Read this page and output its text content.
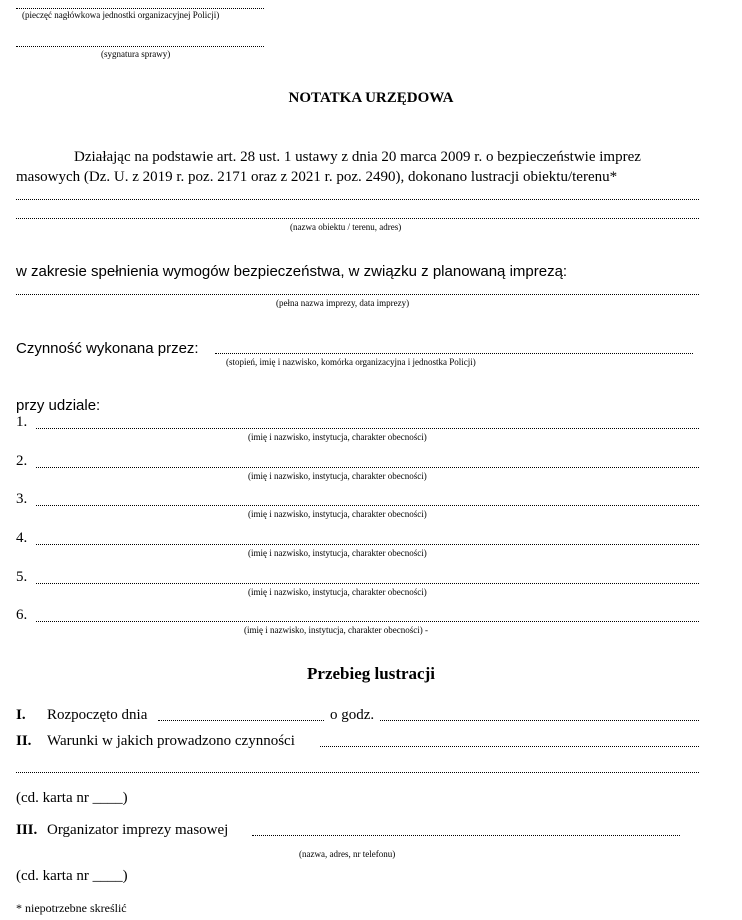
(pieczęć nagłówkowa jednostki organizacyjnej Policji)
(sygnatura sprawy)
NOTATKA URZĘDOWA
Działając na podstawie art. 28 ust. 1 ustawy z dnia 20 marca 2009 r. o bezpieczeństwie imprez masowych (Dz. U. z 2019 r. poz. 2171 oraz z 2021 r. poz. 2490), dokonano lustracji obiektu/terenu*
(nazwa obiektu / terenu, adres)
w zakresie spełnienia wymogów bezpieczeństwa, w związku z planowaną imprezą:
(pełna nazwa imprezy, data imprezy)
Czynność wykonana przez:
(stopień, imię i nazwisko, komórka organizacyjna i jednostka Policji)
przy udziale:
1.
(imię i nazwisko, instytucja, charakter obecności)
2.
(imię i nazwisko, instytucja, charakter obecności)
3.
(imię i nazwisko, instytucja, charakter obecności)
4.
(imię i nazwisko, instytucja, charakter obecności)
5.
(imię i nazwisko, instytucja, charakter obecności)
6.
(imię i nazwisko, instytucja, charakter obecności) -
Przebieg lustracji
I. Rozpoczęto dnia	o godz.
II. Warunki w jakich prowadzono czynności
(cd. karta nr ____)
III. Organizator imprezy masowej
(nazwa, adres, nr telefonu)
(cd. karta nr ____)
* niepotrzebne skreślić
